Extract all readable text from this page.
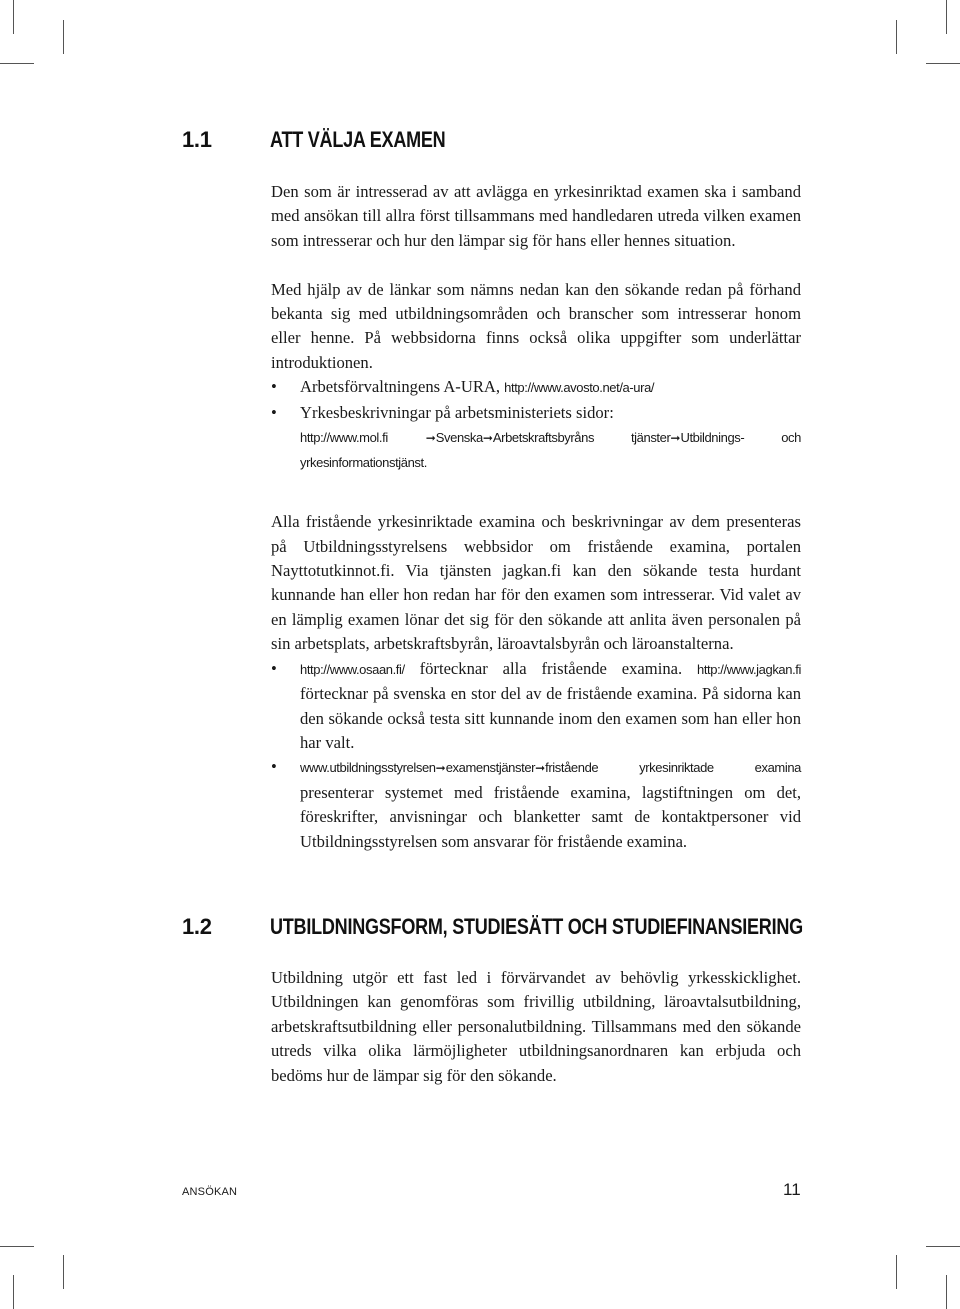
1.1	ATT VÄLJA EXAMEN

Den som är intresserad av att avlägga en yrkesinriktad examen ska i samband med ansökan till allra först tillsammans med handledaren utreda vilken examen som intresserar och hur den lämpar sig för hans eller hennes situation.

Med hjälp av de länkar som nämns nedan kan den sökande redan på förhand bekanta sig med utbildningsområden och branscher som intresserar honom eller henne. På webbsidorna finns också olika uppgifter som underlättar introduktionen.

• Arbetsförvaltningens A-URA, http://www.avosto.net/a-ura/
• Yrkesbeskrivningar på arbetsministeriets sidor:
http://www.mol.fi	➞Svenska➞Arbetskraftsbyråns tjänster➞Utbildnings- och yrkesinformationstjänst.

Alla fristående yrkesinriktade examina och beskrivningar av dem presenteras på Utbildningsstyrelsens webbsidor om fristående examina, portalen Nayttotutkinnot.fi. Via tjänsten jagkan.fi kan den sökande testa hurdant kunnande han eller hon redan har för den examen som intresserar. Vid valet av en lämplig examen lönar det sig för den sökande att anlita även personalen på sin arbetsplats, arbetskraftsbyrån, läroavtalsbyrån och läroanstalterna.

• http://www.osaan.fi/ förtecknar alla fristående examina. http://www.jagkan.fi förtecknar på svenska en stor del av de fristående examina. På sidorna kan den sökande också testa sitt kunnande inom den examen som han eller hon har valt.
• www.utbildningsstyrelsen➞examenstjänster➞fristående yrkesinriktade examina presenterar systemet med fristående examina, lagstiftningen om det, föreskrifter, anvisningar och blanketter samt de kontaktpersoner vid Utbildningsstyrelsen som ansvarar för fristående examina.
1.2	UTBILDNINGSFORM, STUDIESÄTT OCH STUDIEFINANSIERING

Utbildning utgör ett fast led i förvärvandet av behövlig yrkesskicklighet. Utbildningen kan genomföras som frivillig utbildning, läroavtalsutbildning, arbetskraftsutbildning eller personalutbildning. Tillsammans med den sökande utreds vilka olika lärmöjligheter utbildningsanordnaren kan erbjuda och bedöms hur de lämpar sig för den sökande.

ANSÖKAN	11
